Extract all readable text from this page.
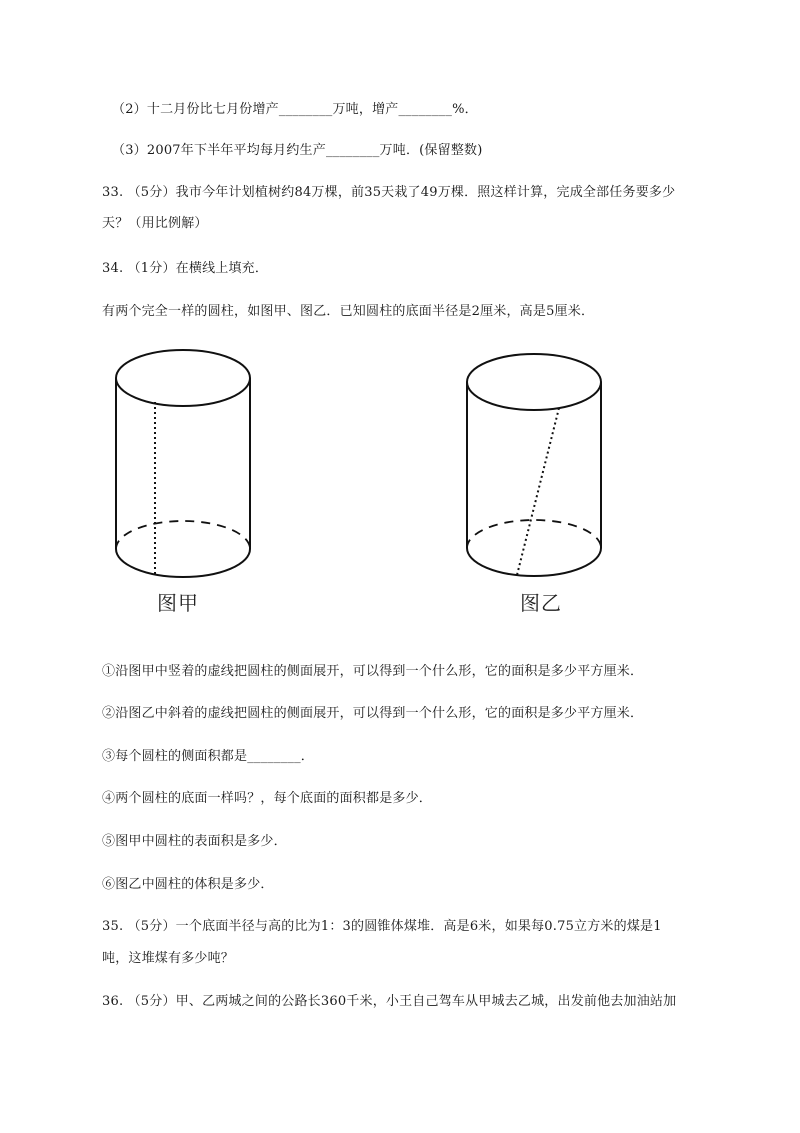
（2）十二月份比七月份增产________万吨，增产________%．
（3）2007年下半年平均每月约生产________万吨．(保留整数)
33. （5分）我市今年计划植树约84万棵，前35天栽了49万棵．照这样计算，完成全部任务要多少
天？（用比例解）
34. （1分）在横线上填充．
有两个完全一样的圆柱，如图甲、图乙．已知圆柱的底面半径是2厘米，高是5厘米．
图甲	图乙
①沿图甲中竖着的虚线把圆柱的侧面展开，可以得到一个什么形，它的面积是多少平方厘米．
②沿图乙中斜着的虚线把圆柱的侧面展开，可以得到一个什么形，它的面积是多少平方厘米．
③每个圆柱的侧面积都是________．
④两个圆柱的底面一样吗？，每个底面的面积都是多少．
⑤图甲中圆柱的表面积是多少．
⑥图乙中圆柱的体积是多少．
35. （5分）一个底面半径与高的比为1：3的圆锥体煤堆．高是6米，如果每0.75立方米的煤是1
吨，这堆煤有多少吨？
36. （5分）甲、乙两城之间的公路长360千米，小王自己驾车从甲城去乙城，出发前他去加油站加
